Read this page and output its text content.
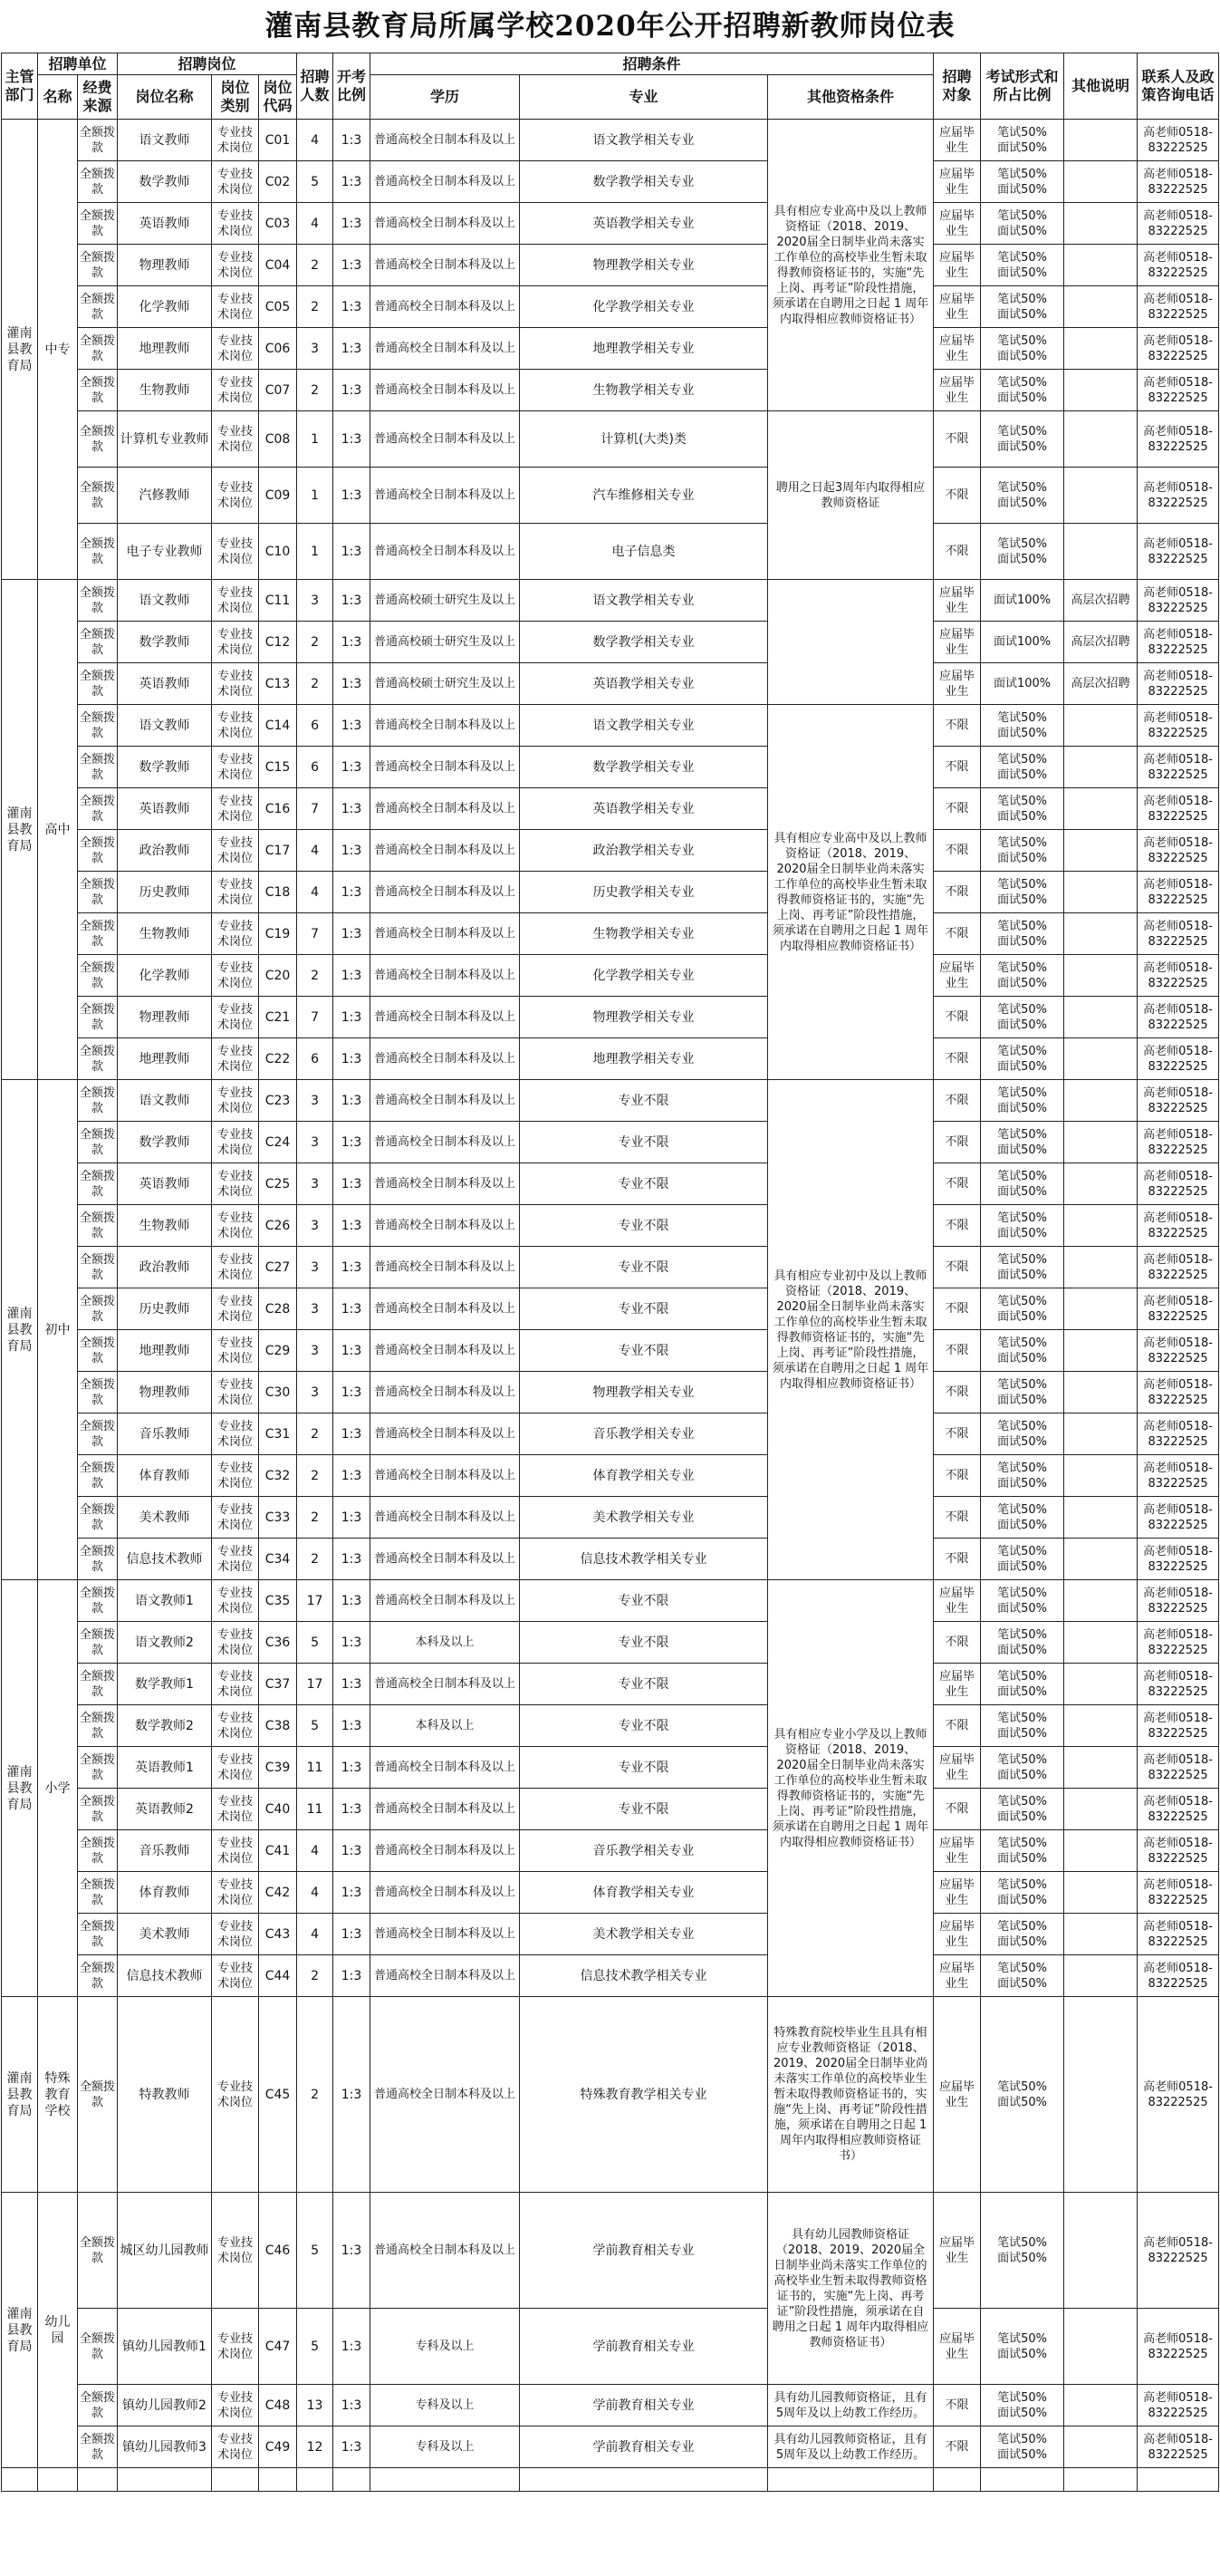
灌南县教育局所属学校2020年公开招聘新教师岗位表
主管部门	招聘单位		招聘岗位			招聘人数	开考比例	招聘条件			招聘对象	考试形式和所占比例	其他说明	联系人及政策咨询电话
	名称	经费来源	岗位名称	岗位类别	岗位代码			学历	专业	其他资格条件				
灌南县教育局	中专	全额拨款	语文教师	专业技术岗位	C01	4	1:3	普通高校全日制本科及以上	语文教学相关专业	具有相应专业高中及以上教师资格证（2018、2019、2020届全日制毕业尚未落实工作单位的高校毕业生暂未取得教师资格证书的，实施“先上岗、再考证”阶段性措施，须承诺在自聘用之日起 1 周年内取得相应教师资格证书）	应届毕业生	笔试50%
面试50%		高老师0518-83222525
		全额拨款	数学教师	专业技术岗位	C02	5	1:3	普通高校全日制本科及以上	数学教学相关专业		应届毕业生	笔试50%
面试50%		高老师0518-83222525
		全额拨款	英语教师	专业技术岗位	C03	4	1:3	普通高校全日制本科及以上	英语教学相关专业		应届毕业生	笔试50%
面试50%		高老师0518-83222525
		全额拨款	物理教师	专业技术岗位	C04	2	1:3	普通高校全日制本科及以上	物理教学相关专业		应届毕业生	笔试50%
面试50%		高老师0518-83222525
		全额拨款	化学教师	专业技术岗位	C05	2	1:3	普通高校全日制本科及以上	化学教学相关专业		应届毕业生	笔试50%
面试50%		高老师0518-83222525
		全额拨款	地理教师	专业技术岗位	C06	3	1:3	普通高校全日制本科及以上	地理教学相关专业		应届毕业生	笔试50%
面试50%		高老师0518-83222525
		全额拨款	生物教师	专业技术岗位	C07	2	1:3	普通高校全日制本科及以上	生物教学相关专业		应届毕业生	笔试50%
面试50%		高老师0518-83222525
		全额拨款	计算机专业教师	专业技术岗位	C08	1	1:3	普通高校全日制本科及以上	计算机(大类)类	聘用之日起3周年内取得相应教师资格证	不限	笔试50%
面试50%		高老师0518-83222525
		全额拨款	汽修教师	专业技术岗位	C09	1	1:3	普通高校全日制本科及以上	汽车维修相关专业		不限	笔试50%
面试50%		高老师0518-83222525
		全额拨款	电子专业教师	专业技术岗位	C10	1	1:3	普通高校全日制本科及以上	电子信息类		不限	笔试50%
面试50%		高老师0518-83222525
灌南县教育局	高中	全额拨款	语文教师	专业技术岗位	C11	3	1:3	普通高校硕士研究生及以上	语文教学相关专业		应届毕业生	面试100%	高层次招聘	高老师0518-83222525
		全额拨款	数学教师	专业技术岗位	C12	2	1:3	普通高校硕士研究生及以上	数学教学相关专业		应届毕业生	面试100%	高层次招聘	高老师0518-83222525
		全额拨款	英语教师	专业技术岗位	C13	2	1:3	普通高校硕士研究生及以上	英语教学相关专业		应届毕业生	面试100%	高层次招聘	高老师0518-83222525
		全额拨款	语文教师	专业技术岗位	C14	6	1:3	普通高校全日制本科及以上	语文教学相关专业	具有相应专业高中及以上教师资格证（2018、2019、2020届全日制毕业尚未落实工作单位的高校毕业生暂未取得教师资格证书的，实施“先上岗、再考证”阶段性措施，须承诺在自聘用之日起 1 周年内取得相应教师资格证书）	不限	笔试50%
面试50%		高老师0518-83222525
		全额拨款	数学教师	专业技术岗位	C15	6	1:3	普通高校全日制本科及以上	数学教学相关专业		不限	笔试50%
面试50%		高老师0518-83222525
		全额拨款	英语教师	专业技术岗位	C16	7	1:3	普通高校全日制本科及以上	英语教学相关专业		不限	笔试50%
面试50%		高老师0518-83222525
		全额拨款	政治教师	专业技术岗位	C17	4	1:3	普通高校全日制本科及以上	政治教学相关专业		不限	笔试50%
面试50%		高老师0518-83222525
		全额拨款	历史教师	专业技术岗位	C18	4	1:3	普通高校全日制本科及以上	历史教学相关专业		不限	笔试50%
面试50%		高老师0518-83222525
		全额拨款	生物教师	专业技术岗位	C19	7	1:3	普通高校全日制本科及以上	生物教学相关专业		不限	笔试50%
面试50%		高老师0518-83222525
		全额拨款	化学教师	专业技术岗位	C20	2	1:3	普通高校全日制本科及以上	化学教学相关专业		应届毕业生	笔试50%
面试50%		高老师0518-83222525
		全额拨款	物理教师	专业技术岗位	C21	7	1:3	普通高校全日制本科及以上	物理教学相关专业		不限	笔试50%
面试50%		高老师0518-83222525
		全额拨款	地理教师	专业技术岗位	C22	6	1:3	普通高校全日制本科及以上	地理教学相关专业		不限	笔试50%
面试50%		高老师0518-83222525
灌南县教育局	初中	全额拨款	语文教师	专业技术岗位	C23	3	1:3	普通高校全日制本科及以上	专业不限	具有相应专业初中及以上教师资格证（2018、2019、2020届全日制毕业尚未落实工作单位的高校毕业生暂未取得教师资格证书的，实施“先上岗、再考证”阶段性措施，须承诺在自聘用之日起 1 周年内取得相应教师资格证书）	不限	笔试50%
面试50%		高老师0518-83222525
		全额拨款	数学教师	专业技术岗位	C24	3	1:3	普通高校全日制本科及以上	专业不限		不限	笔试50%
面试50%		高老师0518-83222525
		全额拨款	英语教师	专业技术岗位	C25	3	1:3	普通高校全日制本科及以上	专业不限		不限	笔试50%
面试50%		高老师0518-83222525
		全额拨款	生物教师	专业技术岗位	C26	3	1:3	普通高校全日制本科及以上	专业不限		不限	笔试50%
面试50%		高老师0518-83222525
		全额拨款	政治教师	专业技术岗位	C27	3	1:3	普通高校全日制本科及以上	专业不限		不限	笔试50%
面试50%		高老师0518-83222525
		全额拨款	历史教师	专业技术岗位	C28	3	1:3	普通高校全日制本科及以上	专业不限		不限	笔试50%
面试50%		高老师0518-83222525
		全额拨款	地理教师	专业技术岗位	C29	3	1:3	普通高校全日制本科及以上	专业不限		不限	笔试50%
面试50%		高老师0518-83222525
		全额拨款	物理教师	专业技术岗位	C30	3	1:3	普通高校全日制本科及以上	物理教学相关专业		不限	笔试50%
面试50%		高老师0518-83222525
		全额拨款	音乐教师	专业技术岗位	C31	2	1:3	普通高校全日制本科及以上	音乐教学相关专业		不限	笔试50%
面试50%		高老师0518-83222525
		全额拨款	体育教师	专业技术岗位	C32	2	1:3	普通高校全日制本科及以上	体育教学相关专业		不限	笔试50%
面试50%		高老师0518-83222525
		全额拨款	美术教师	专业技术岗位	C33	2	1:3	普通高校全日制本科及以上	美术教学相关专业		不限	笔试50%
面试50%		高老师0518-83222525
		全额拨款	信息技术教师	专业技术岗位	C34	2	1:3	普通高校全日制本科及以上	信息技术教学相关专业		不限	笔试50%
面试50%		高老师0518-83222525
灌南县教育局	小学	全额拨款	语文教师1	专业技术岗位	C35	17	1:3	普通高校全日制本科及以上	专业不限	具有相应专业小学及以上教师资格证（2018、2019、2020届全日制毕业尚未落实工作单位的高校毕业生暂未取得教师资格证书的，实施“先上岗、再考证”阶段性措施，须承诺在自聘用之日起 1 周年内取得相应教师资格证书）	应届毕业生	笔试50%
面试50%		高老师0518-83222525
		全额拨款	语文教师2	专业技术岗位	C36	5	1:3	本科及以上	专业不限		不限	笔试50%
面试50%		高老师0518-83222525
		全额拨款	数学教师1	专业技术岗位	C37	17	1:3	普通高校全日制本科及以上	专业不限		应届毕业生	笔试50%
面试50%		高老师0518-83222525
		全额拨款	数学教师2	专业技术岗位	C38	5	1:3	本科及以上	专业不限		不限	笔试50%
面试50%		高老师0518-83222525
		全额拨款	英语教师1	专业技术岗位	C39	11	1:3	普通高校全日制本科及以上	专业不限		应届毕业生	笔试50%
面试50%		高老师0518-83222525
		全额拨款	英语教师2	专业技术岗位	C40	11	1:3	普通高校全日制本科及以上	专业不限		不限	笔试50%
面试50%		高老师0518-83222525
		全额拨款	音乐教师	专业技术岗位	C41	4	1:3	普通高校全日制本科及以上	音乐教学相关专业		应届毕业生	笔试50%
面试50%		高老师0518-83222525
		全额拨款	体育教师	专业技术岗位	C42	4	1:3	普通高校全日制本科及以上	体育教学相关专业		应届毕业生	笔试50%
面试50%		高老师0518-83222525
		全额拨款	美术教师	专业技术岗位	C43	4	1:3	普通高校全日制本科及以上	美术教学相关专业		应届毕业生	笔试50%
面试50%		高老师0518-83222525
		全额拨款	信息技术教师	专业技术岗位	C44	2	1:3	普通高校全日制本科及以上	信息技术教学相关专业		应届毕业生	笔试50%
面试50%		高老师0518-83222525
灌南县教育局	特殊教育学校	全额拨款	特教教师	专业技术岗位	C45	2	1:3	普通高校全日制本科及以上	特殊教育教学相关专业	特殊教育院校毕业生且具有相应专业教师资格证（2018、2019、2020届全日制毕业尚未落实工作单位的高校毕业生暂未取得教师资格证书的，实施“先上岗、再考证”阶段性措施，须承诺在自聘用之日起 1 周年内取得相应教师资格证书）	应届毕业生	笔试50%
面试50%		高老师0518-83222525
灌南县教育局	幼儿园	全额拨款	城区幼儿园教师	专业技术岗位	C46	5	1:3	普通高校全日制本科及以上	学前教育相关专业	具有幼儿园教师资格证（2018、2019、2020届全日制毕业尚未落实工作单位的高校毕业生暂未取得教师资格证书的，实施“先上岗、再考证”阶段性措施，须承诺在自聘用之日起 1 周年内取得相应教师资格证书）	应届毕业生	笔试50%
面试50%		高老师0518-83222525
		全额拨款	镇幼儿园教师1	专业技术岗位	C47	5	1:3	专科及以上	学前教育相关专业		应届毕业生	笔试50%
面试50%		高老师0518-83222525
		全额拨款	镇幼儿园教师2	专业技术岗位	C48	13	1:3	专科及以上	学前教育相关专业	具有幼儿园教师资格证，且有5周年及以上幼教工作经历。	不限	笔试50%
面试50%		高老师0518-83222525
		全额拨款	镇幼儿园教师3	专业技术岗位	C49	12	1:3	专科及以上	学前教育相关专业	具有幼儿园教师资格证，且有5周年及以上幼教工作经历。	不限	笔试50%
面试50%		高老师0518-83222525
